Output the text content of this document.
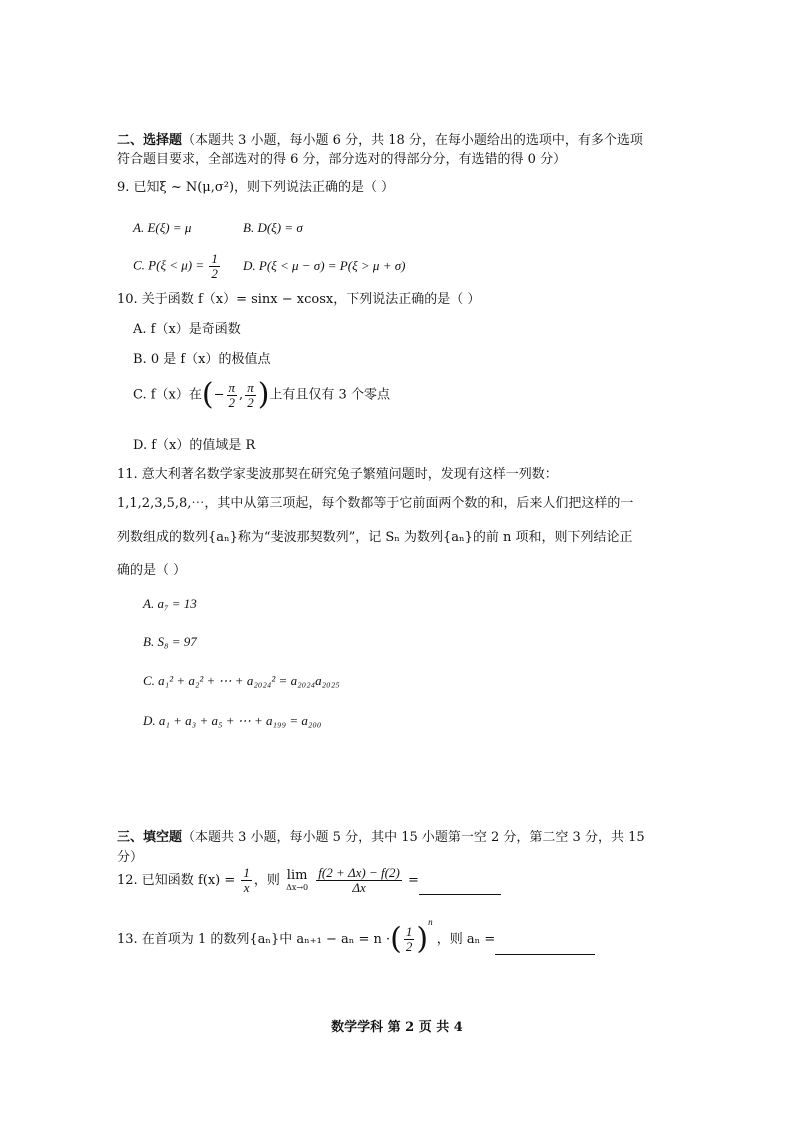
二、选择题（本题共 3 小题，每小题 6 分，共 18 分，在每小题给出的选项中，有多个选项
符合题目要求，全部选对的得 6 分，部分选对的得部分分，有选错的得 0 分）
9. 已知ξ ~ N(μ,σ²)，则下列说法正确的是（ ）
A. E(ξ) = μ	B. D(ξ) = σ
C. $P(\xi < \mu) = \frac{1}{2} D$. P(ξ < μ − σ) = P(ξ > μ + σ)
10. 关于函数 f（x）= sinx − xcosx，下列说法正确的是（ ）
A. f（x）是奇函数
B. 0 是 f（x）的极值点
C. f（x）在(− $\frac{\pi}{2}$ , $\frac{\pi}{2}$ )上有且仅有 3 个零点
D. f（x）的值域是 R
11. 意大利著名数学家斐波那契在研究兔子繁殖问题时，发现有这样一列数：
1,1,2,3,5,8,⋯，其中从第三项起，每个数都等于它前面两个数的和，后来人们把这样的一
列数组成的数列{aₙ}称为“斐波那契数列”，记 Sₙ 为数列{aₙ}的前 n 项和，则下列结论正
确的是（ ）
A. a₇ = 13
B. S₈ = 97
C. a₁² + a₂² + ⋯ + a₂₀₂₄² = a₂₀₂₄a₂₀₂₅
D. a₁ + a₃ + a₅ + ⋯ + a₁₉₉ = a₂₀₀
三、填空题（本题共 3 小题，每小题 5 分，其中 15 小题第一空 2 分，第二空 3 分，共 15
分）
12. 已知函数 $f(x) = \frac{1}{x}$ ，则 lim
Δx→0
$\frac{f(2 + \Delta x) - f(2)}{\Delta x}$ =
13. 在首项为 1 的数列{aₙ}中 aₙ₊₁ − aₙ = n ·( $\frac{1}{2} )^n$ ，则 aₙ =
数学学科 第 2 页 共 4
